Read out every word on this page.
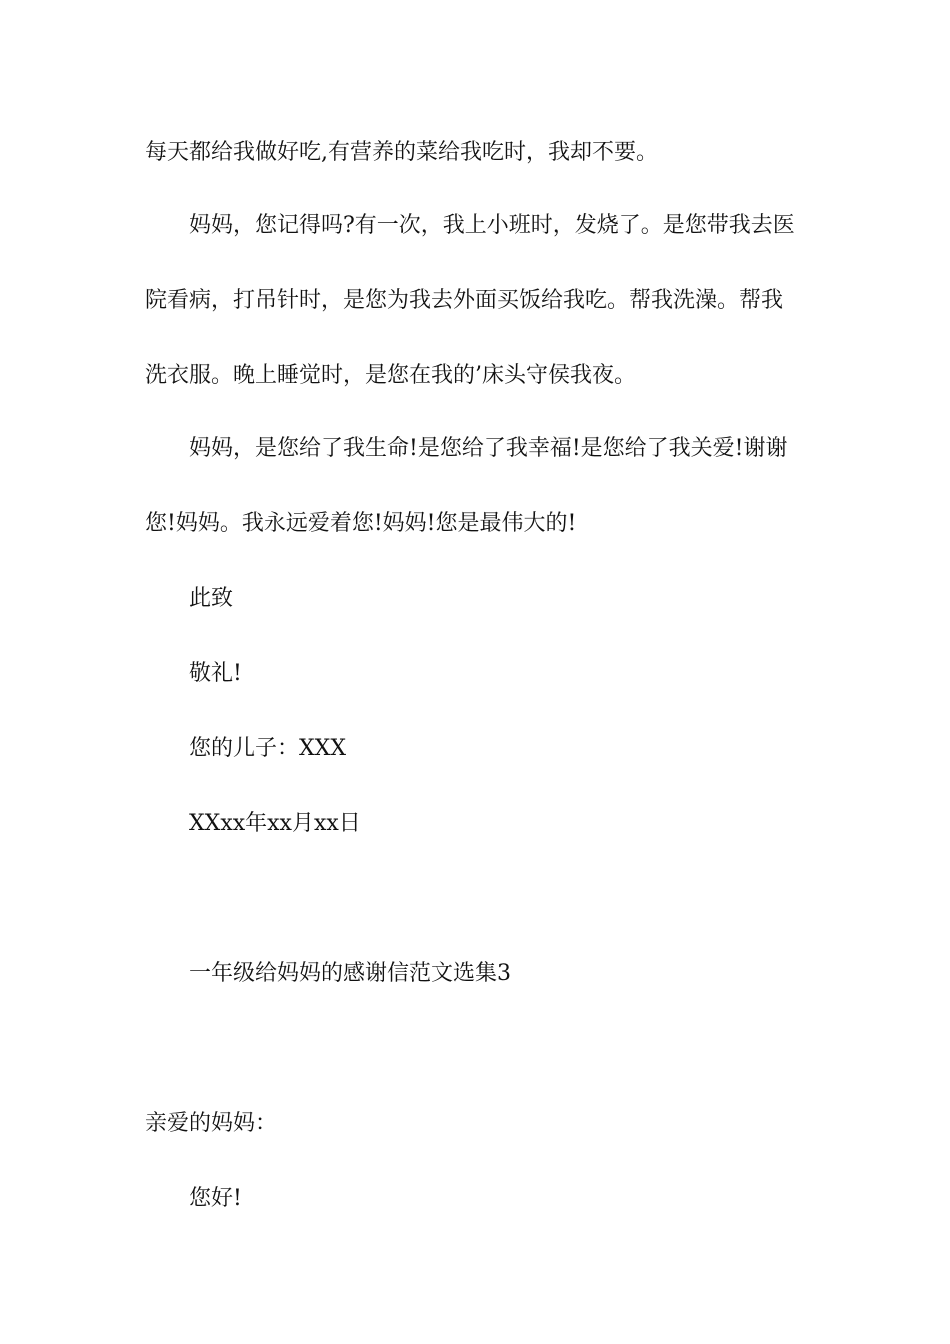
每天都给我做好吃,有营养的菜给我吃时，我却不要。
妈妈，您记得吗?有一次，我上小班时，发烧了。是您带我去医
院看病，打吊针时，是您为我去外面买饭给我吃。帮我洗澡。帮我
洗衣服。晚上睡觉时，是您在我的’床头守侯我夜。
妈妈，是您给了我生命!是您给了我幸福!是您给了我关爱!谢谢
您!妈妈。我永远爱着您!妈妈!您是最伟大的!
此致
敬礼!
您的儿子：XXX
XXxx年xx月xx日
一年级给妈妈的感谢信范文选集3
亲爱的妈妈：
您好!
